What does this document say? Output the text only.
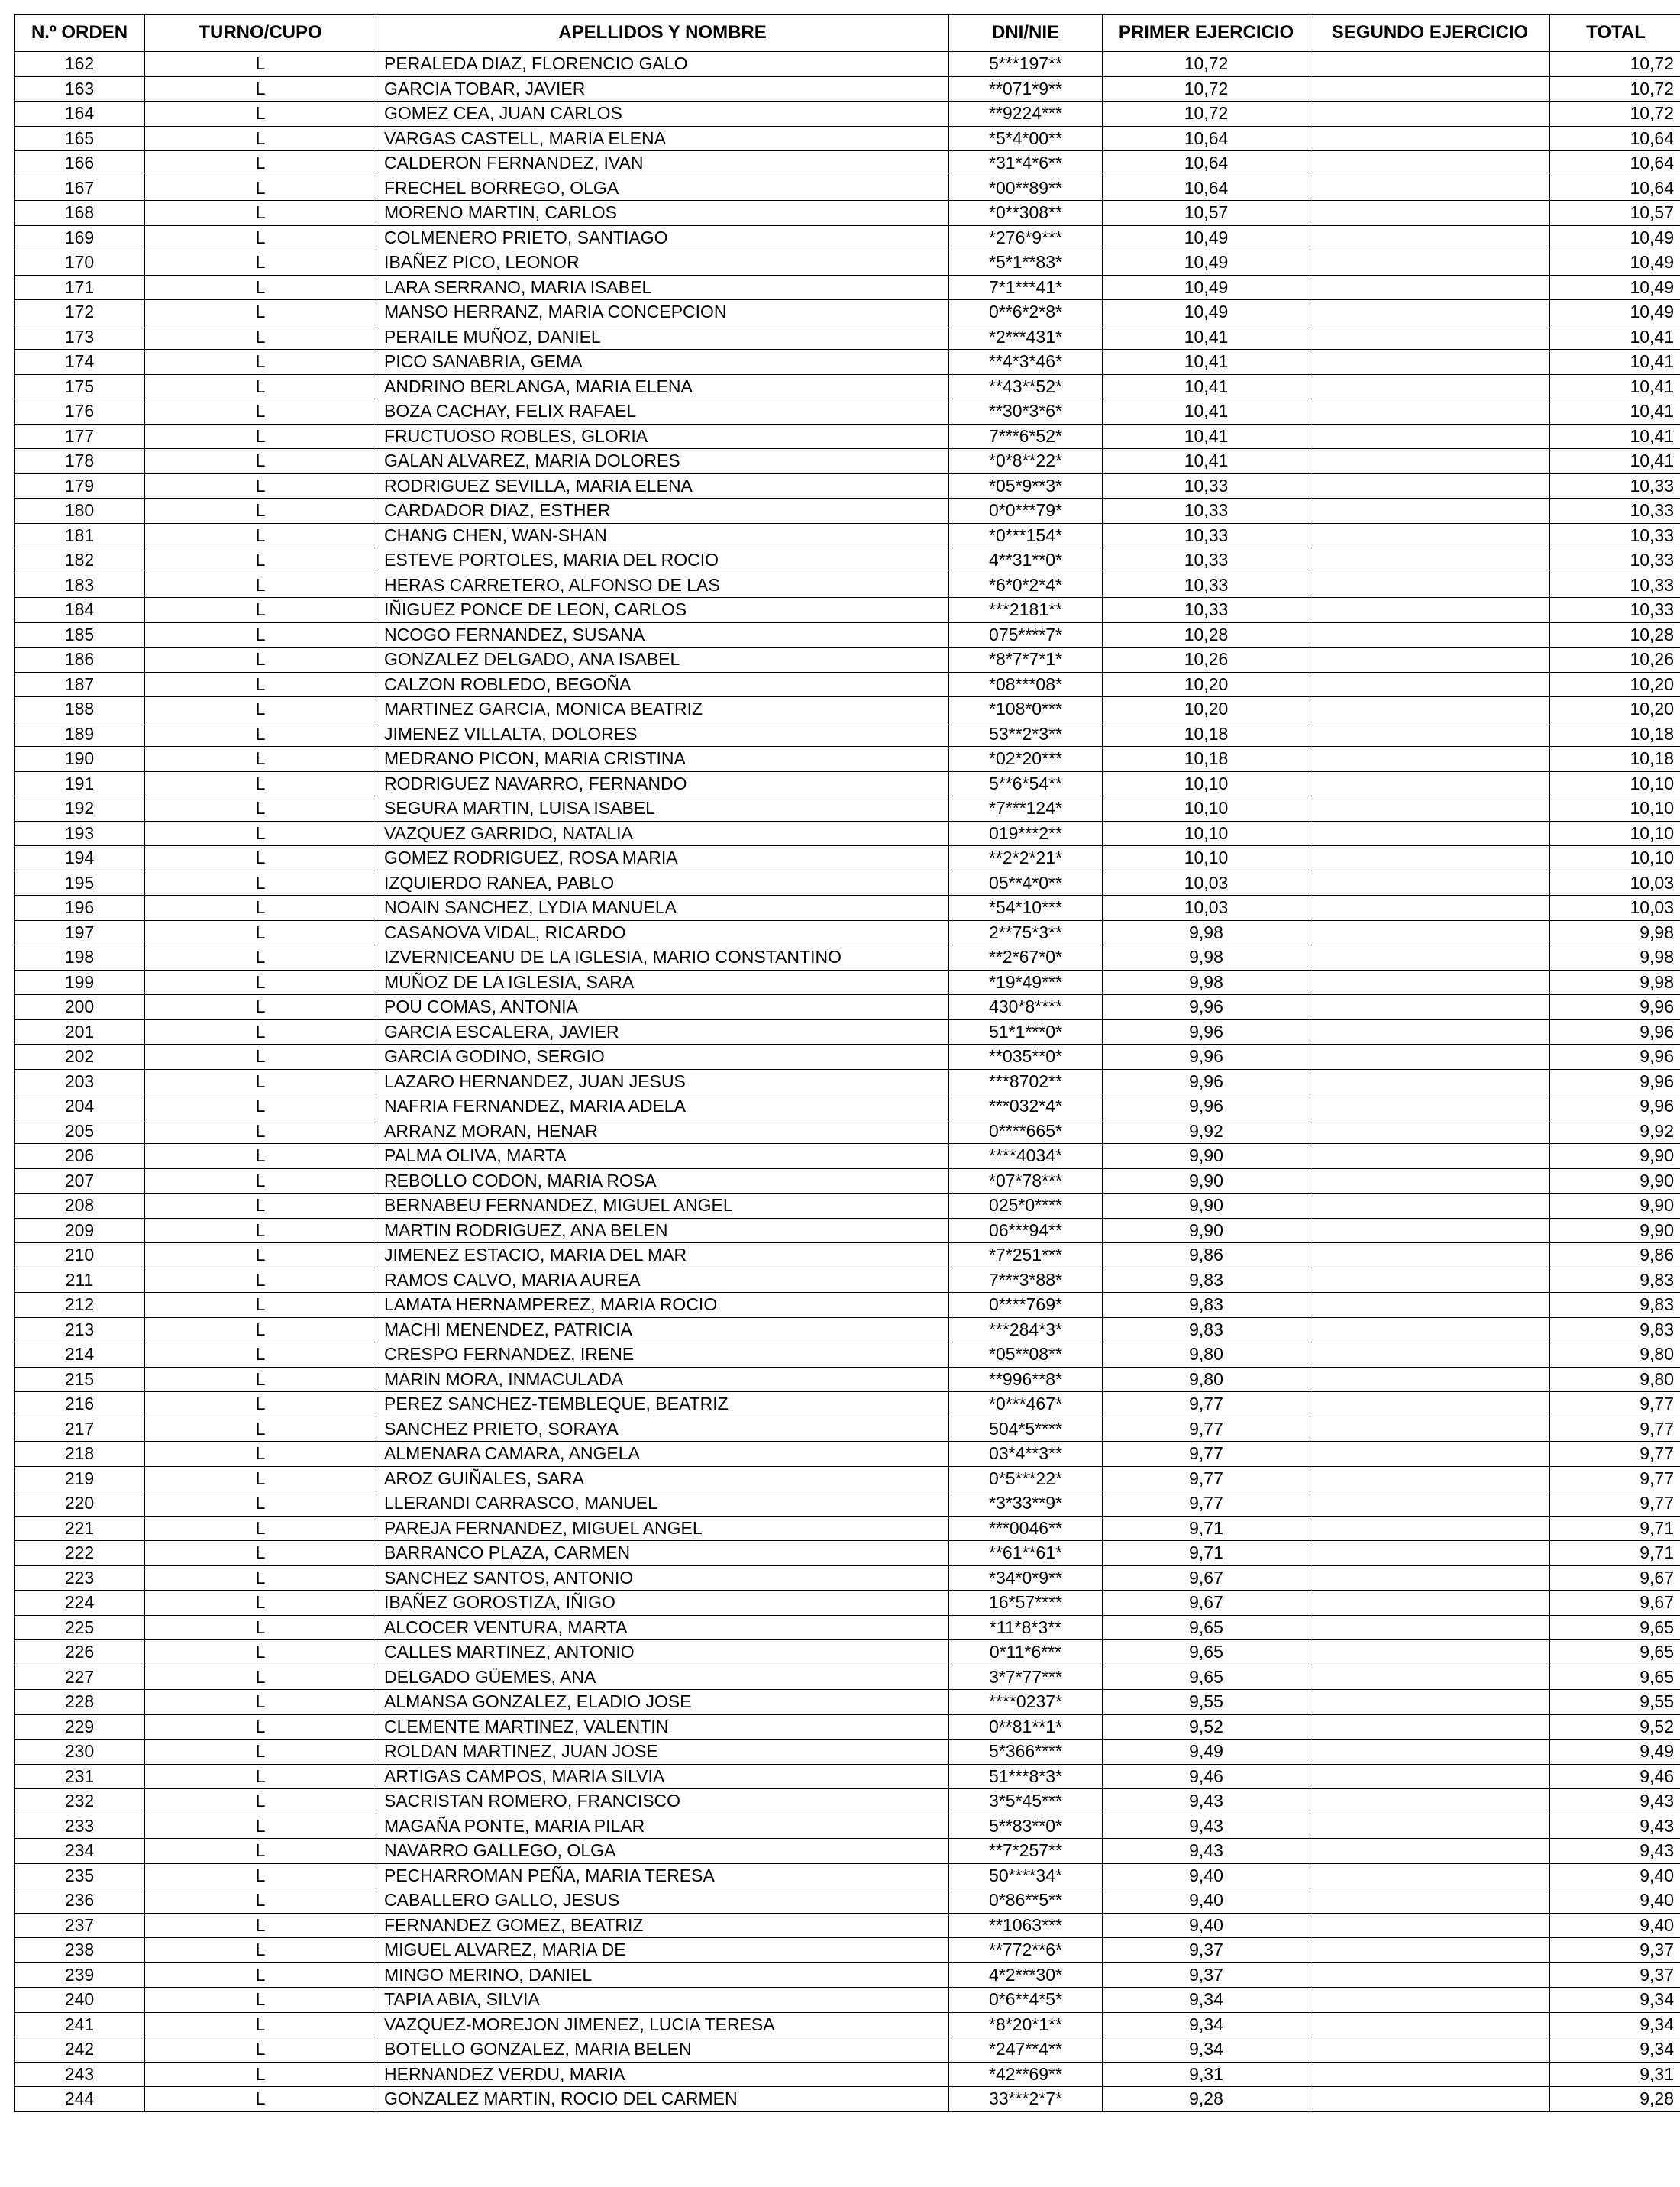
N.º ORDEN	TURNO/CUPO	APELLIDOS Y NOMBRE	DNI/NIE	PRIMER EJERCICIO	SEGUNDO EJERCICIO	TOTAL
162	L	PERALEDA DIAZ, FLORENCIO GALO	5***197**	10,72		10,72
163	L	GARCIA TOBAR, JAVIER	**071*9**	10,72		10,72
164	L	GOMEZ CEA, JUAN CARLOS	**9224***	10,72		10,72
165	L	VARGAS CASTELL, MARIA ELENA	*5*4*00**	10,64		10,64
166	L	CALDERON FERNANDEZ, IVAN	*31*4*6**	10,64		10,64
167	L	FRECHEL BORREGO, OLGA	*00**89**	10,64		10,64
168	L	MORENO MARTIN, CARLOS	*0**308**	10,57		10,57
169	L	COLMENERO PRIETO, SANTIAGO	*276*9***	10,49		10,49
170	L	IBAÑEZ PICO, LEONOR	*5*1**83*	10,49		10,49
171	L	LARA SERRANO, MARIA ISABEL	7*1***41*	10,49		10,49
172	L	MANSO HERRANZ, MARIA CONCEPCION	0**6*2*8*	10,49		10,49
173	L	PERAILE MUÑOZ, DANIEL	*2***431*	10,41		10,41
174	L	PICO SANABRIA, GEMA	**4*3*46*	10,41		10,41
175	L	ANDRINO BERLANGA, MARIA ELENA	**43**52*	10,41		10,41
176	L	BOZA CACHAY, FELIX RAFAEL	**30*3*6*	10,41		10,41
177	L	FRUCTUOSO ROBLES, GLORIA	7***6*52*	10,41		10,41
178	L	GALAN ALVAREZ, MARIA DOLORES	*0*8**22*	10,41		10,41
179	L	RODRIGUEZ SEVILLA, MARIA ELENA	*05*9**3*	10,33		10,33
180	L	CARDADOR DIAZ, ESTHER	0*0***79*	10,33		10,33
181	L	CHANG CHEN, WAN-SHAN	*0***154*	10,33		10,33
182	L	ESTEVE PORTOLES, MARIA DEL ROCIO	4**31**0*	10,33		10,33
183	L	HERAS CARRETERO, ALFONSO DE LAS	*6*0*2*4*	10,33		10,33
184	L	IÑIGUEZ PONCE DE LEON, CARLOS	***2181**	10,33		10,33
185	L	NCOGO FERNANDEZ, SUSANA	075****7*	10,28		10,28
186	L	GONZALEZ DELGADO, ANA ISABEL	*8*7*7*1*	10,26		10,26
187	L	CALZON ROBLEDO, BEGOÑA	*08***08*	10,20		10,20
188	L	MARTINEZ GARCIA, MONICA BEATRIZ	*108*0***	10,20		10,20
189	L	JIMENEZ VILLALTA, DOLORES	53**2*3**	10,18		10,18
190	L	MEDRANO PICON, MARIA CRISTINA	*02*20***	10,18		10,18
191	L	RODRIGUEZ NAVARRO, FERNANDO	5**6*54**	10,10		10,10
192	L	SEGURA MARTIN, LUISA ISABEL	*7***124*	10,10		10,10
193	L	VAZQUEZ GARRIDO, NATALIA	019***2**	10,10		10,10
194	L	GOMEZ RODRIGUEZ, ROSA MARIA	**2*2*21*	10,10		10,10
195	L	IZQUIERDO RANEA, PABLO	05**4*0**	10,03		10,03
196	L	NOAIN SANCHEZ, LYDIA MANUELA	*54*10***	10,03		10,03
197	L	CASANOVA VIDAL, RICARDO	2**75*3**	9,98		9,98
198	L	IZVERNICEANU DE LA IGLESIA, MARIO CONSTANTINO	**2*67*0*	9,98		9,98
199	L	MUÑOZ DE LA IGLESIA, SARA	*19*49***	9,98		9,98
200	L	POU COMAS, ANTONIA	430*8****	9,96		9,96
201	L	GARCIA ESCALERA, JAVIER	51*1***0*	9,96		9,96
202	L	GARCIA GODINO, SERGIO	**035**0*	9,96		9,96
203	L	LAZARO HERNANDEZ, JUAN JESUS	***8702**	9,96		9,96
204	L	NAFRIA FERNANDEZ, MARIA ADELA	***032*4*	9,96		9,96
205	L	ARRANZ MORAN, HENAR	0****665*	9,92		9,92
206	L	PALMA OLIVA, MARTA	****4034*	9,90		9,90
207	L	REBOLLO CODON, MARIA ROSA	*07*78***	9,90		9,90
208	L	BERNABEU FERNANDEZ, MIGUEL ANGEL	025*0****	9,90		9,90
209	L	MARTIN RODRIGUEZ, ANA BELEN	06***94**	9,90		9,90
210	L	JIMENEZ ESTACIO, MARIA DEL MAR	*7*251***	9,86		9,86
211	L	RAMOS CALVO, MARIA AUREA	7***3*88*	9,83		9,83
212	L	LAMATA HERNAMPEREZ, MARIA ROCIO	0****769*	9,83		9,83
213	L	MACHI MENENDEZ, PATRICIA	***284*3*	9,83		9,83
214	L	CRESPO FERNANDEZ, IRENE	*05**08**	9,80		9,80
215	L	MARIN MORA, INMACULADA	**996**8*	9,80		9,80
216	L	PEREZ SANCHEZ-TEMBLEQUE, BEATRIZ	*0***467*	9,77		9,77
217	L	SANCHEZ PRIETO, SORAYA	504*5****	9,77		9,77
218	L	ALMENARA CAMARA, ANGELA	03*4**3**	9,77		9,77
219	L	AROZ GUIÑALES, SARA	0*5***22*	9,77		9,77
220	L	LLERANDI CARRASCO, MANUEL	*3*33**9*	9,77		9,77
221	L	PAREJA FERNANDEZ, MIGUEL ANGEL	***0046**	9,71		9,71
222	L	BARRANCO PLAZA, CARMEN	**61**61*	9,71		9,71
223	L	SANCHEZ SANTOS, ANTONIO	*34*0*9**	9,67		9,67
224	L	IBAÑEZ GOROSTIZA, IÑIGO	16*57****	9,67		9,67
225	L	ALCOCER VENTURA, MARTA	*11*8*3**	9,65		9,65
226	L	CALLES MARTINEZ, ANTONIO	0*11*6***	9,65		9,65
227	L	DELGADO GÜEMES, ANA	3*7*77***	9,65		9,65
228	L	ALMANSA GONZALEZ, ELADIO JOSE	****0237*	9,55		9,55
229	L	CLEMENTE MARTINEZ, VALENTIN	0**81**1*	9,52		9,52
230	L	ROLDAN MARTINEZ, JUAN JOSE	5*366****	9,49		9,49
231	L	ARTIGAS CAMPOS, MARIA SILVIA	51***8*3*	9,46		9,46
232	L	SACRISTAN ROMERO, FRANCISCO	3*5*45***	9,43		9,43
233	L	MAGAÑA PONTE, MARIA PILAR	5**83**0*	9,43		9,43
234	L	NAVARRO GALLEGO, OLGA	**7*257**	9,43		9,43
235	L	PECHARROMAN PEÑA, MARIA TERESA	50****34*	9,40		9,40
236	L	CABALLERO GALLO, JESUS	0*86**5**	9,40		9,40
237	L	FERNANDEZ GOMEZ, BEATRIZ	**1063***	9,40		9,40
238	L	MIGUEL ALVAREZ, MARIA DE	**772**6*	9,37		9,37
239	L	MINGO MERINO, DANIEL	4*2***30*	9,37		9,37
240	L	TAPIA ABIA, SILVIA	0*6**4*5*	9,34		9,34
241	L	VAZQUEZ-MOREJON JIMENEZ, LUCIA TERESA	*8*20*1**	9,34		9,34
242	L	BOTELLO GONZALEZ, MARIA BELEN	*247**4**	9,34		9,34
243	L	HERNANDEZ VERDU, MARIA	*42**69**	9,31		9,31
244	L	GONZALEZ MARTIN, ROCIO DEL CARMEN	33***2*7*	9,28		9,28
